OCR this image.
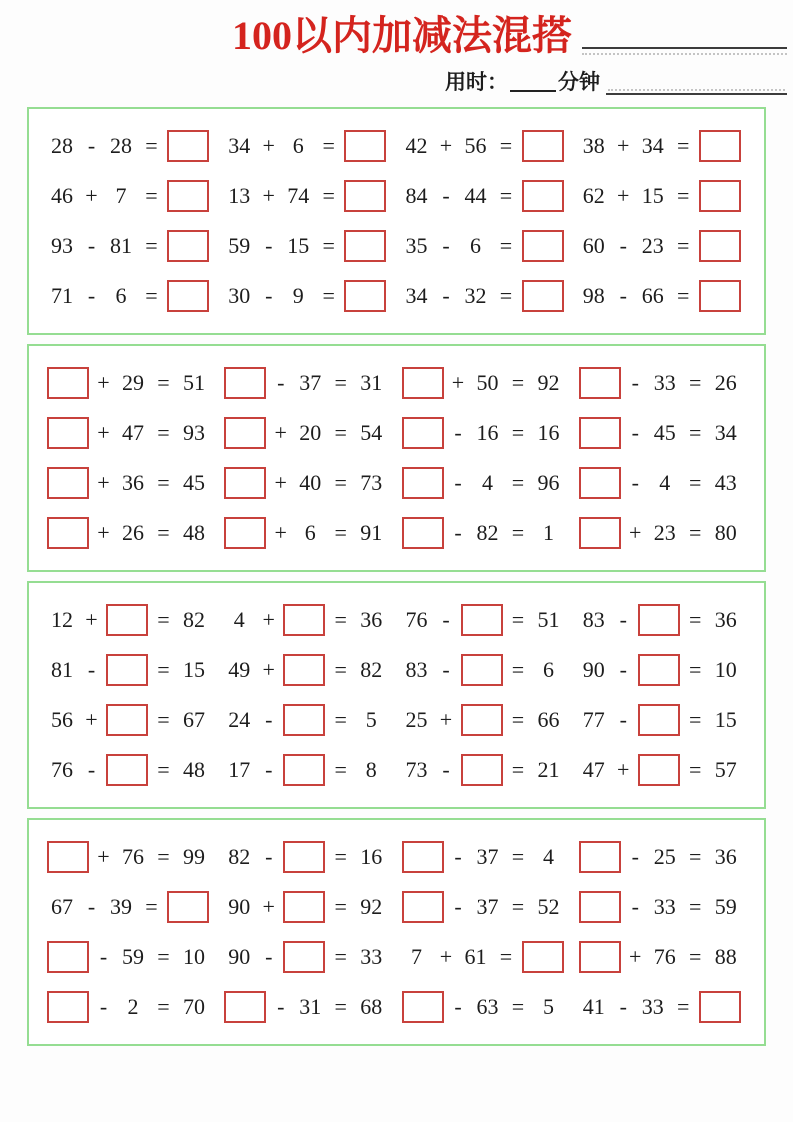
100以内加减法混搭
用时： 分钟
28 - 28 =	34 + 6 =	42 + 56 =	38 + 34 =
46 + 7 =	13 + 74 =	84 - 44 =	62 + 15 =
93 - 81 =	59 - 15 =	35 - 6 =	60 - 23 =
71 - 6 =	30 - 9 =	34 - 32 =	98 - 66 =
+ 29 = 51	- 37 = 31	+ 50 = 92	- 33 = 26
+ 47 = 93	+ 20 = 54	- 16 = 16	- 45 = 34
+ 36 = 45	+ 40 = 73	- 4 = 96	- 4 = 43
+ 26 = 48	+ 6 = 91	- 82 = 1	+ 23 = 80
12 +	= 82	4 +	= 36 76 -	= 51 83 -	= 36
81 -	= 15 49 +	= 82 83 -	= 6	90 -	= 10
56 +	= 67 24 -	= 5	25 +	= 66 77 -	= 15
76 -	= 48 17 -	= 8	73 -	= 21 47 +	= 57
+ 76 = 99 82 -	= 16	- 37 = 4	- 25 = 36
67 - 39 =	90 +	= 92	- 37 = 52	- 33 = 59
- 59 = 10 90 -	= 33	7 + 61 =	+ 76 = 88
- 2 = 70	- 31 = 68	- 63 = 5	41 - 33 =
